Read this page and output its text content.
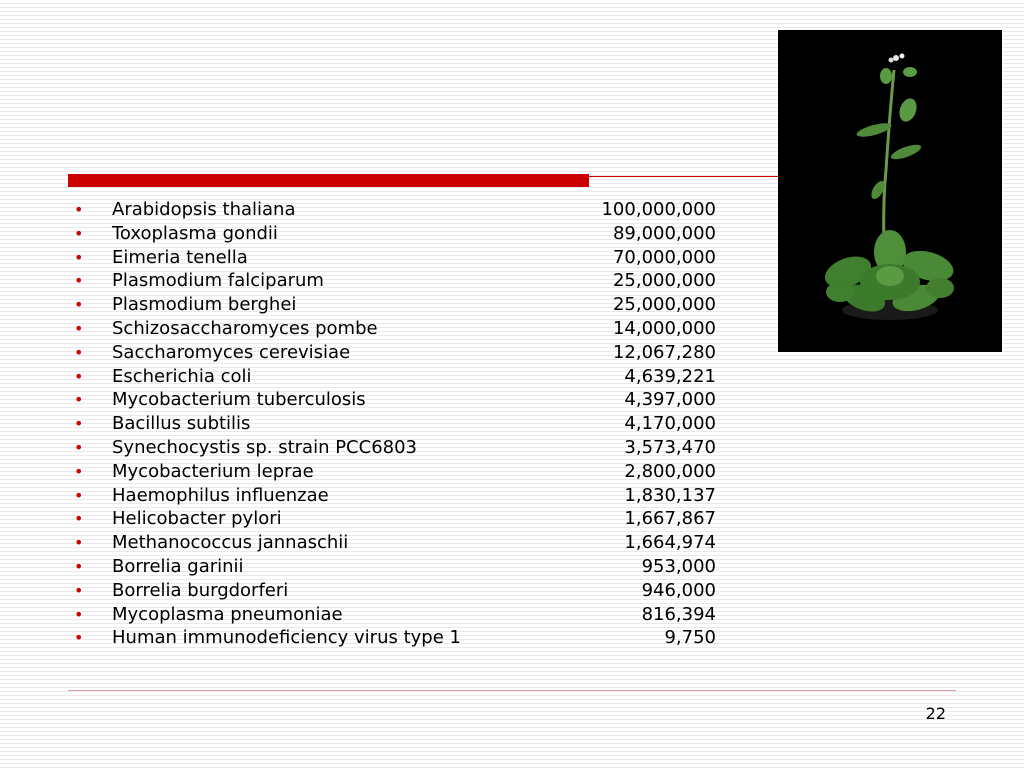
• Arabidopsis thaliana	100,000,000
• Toxoplasma gondii	89,000,000
• Eimeria tenella	70,000,000
• Plasmodium falciparum	25,000,000
• Plasmodium berghei	25,000,000
• Schizosaccharomyces pombe	14,000,000
• Saccharomyces cerevisiae	12,067,280
• Escherichia coli	4,639,221
• Mycobacterium tuberculosis	4,397,000
• Bacillus subtilis	4,170,000
• Synechocystis sp. strain PCC6803	3,573,470
• Mycobacterium leprae	2,800,000
• Haemophilus influenzae	1,830,137
• Helicobacter pylori	1,667,867
• Methanococcus jannaschii	1,664,974
• Borrelia garinii	953,000
• Borrelia burgdorferi	946,000
• Mycoplasma pneumoniae	816,394
• Human immunodeficiency virus type 1	9,750
22
